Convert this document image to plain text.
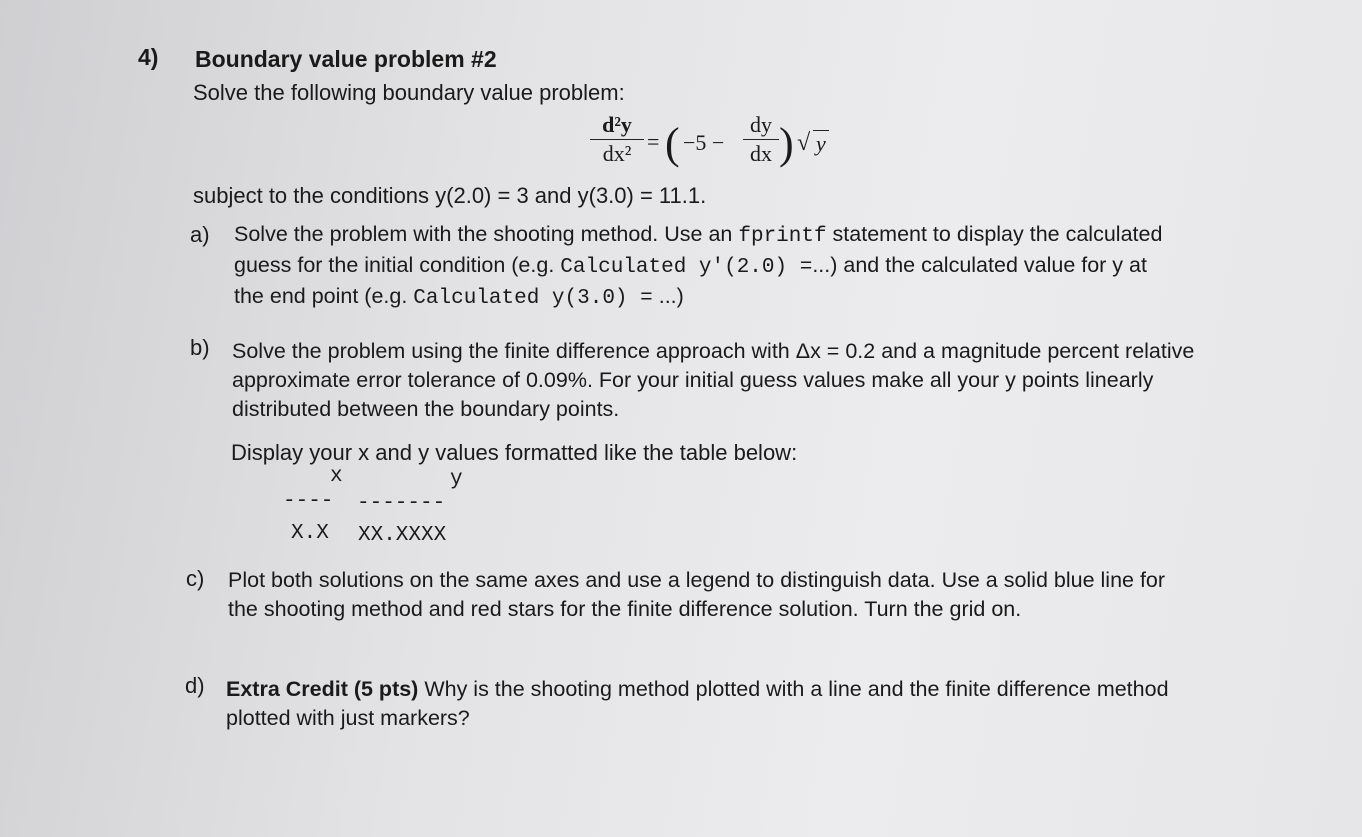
4) Boundary value problem #2
Solve the following boundary value problem:
d²y
dx² = ( −5 −
dy
dx ) √ y
subject to the conditions y(2.0) = 3 and y(3.0) = 11.1.
a) Solve the problem with the shooting method. Use an fprintf statement to display the calculated guess for the initial condition (e.g. Calculated y'(2.0) =...) and the calculated value for y at the end point (e.g. Calculated y(3.0) = ...)
b) Solve the problem using the finite difference approach with Δx = 0.2 and a magnitude percent relative approximate error tolerance of 0.09%. For your initial guess values make all your y points linearly distributed between the boundary points.
Display your x and y values formatted like the table below:
x	y
---- -------
X.X XX.XXXX
c) Plot both solutions on the same axes and use a legend to distinguish data. Use a solid blue line for the shooting method and red stars for the finite difference solution. Turn the grid on.
d) Extra Credit (5 pts) Why is the shooting method plotted with a line and the finite difference method plotted with just markers?
